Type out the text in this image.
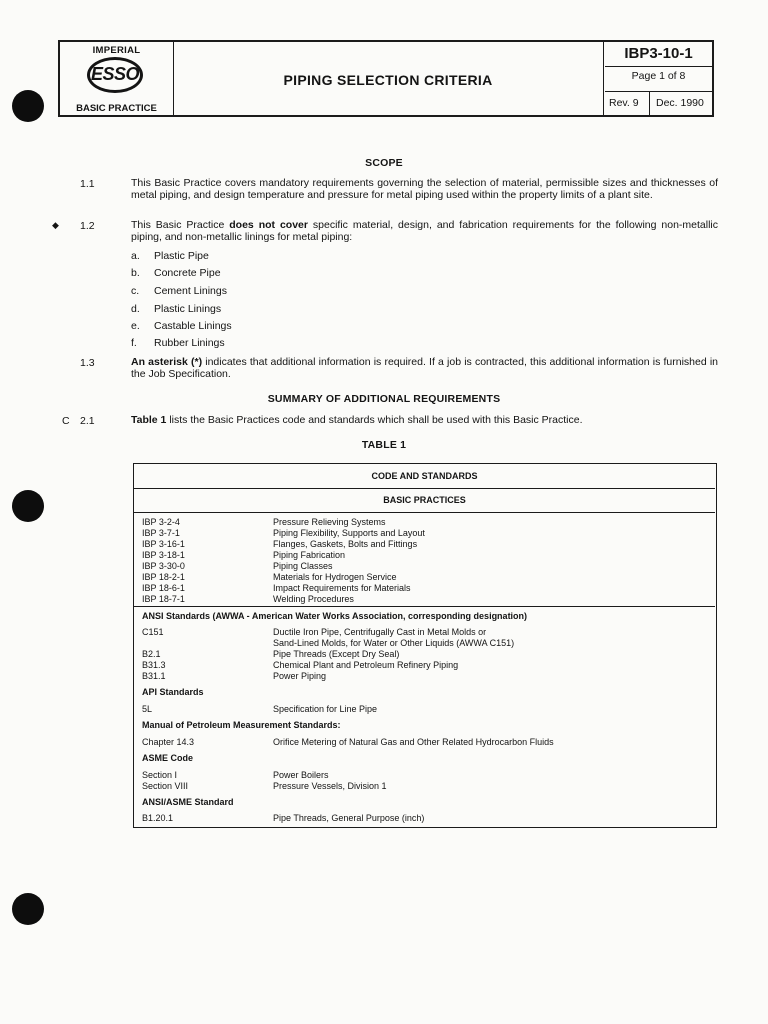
IMPERIAL
ESSO
BASIC PRACTICE
PIPING SELECTION CRITERIA
IBP3-10-1
Page 1 of 8
Rev. 9 Dec. 1990
SCOPE
1.1	This Basic Practice covers mandatory requirements governing the selection of material, permissible sizes and thicknesses of metal piping, and design temperature and pressure for metal piping used within the property limits of a plant site.
◆ 1.2	This Basic Practice does not cover specific material, design, and fabrication requirements for the following non-metallic piping, and non-metallic linings for metal piping:
a. Plastic Pipe
b. Concrete Pipe
c. Cement Linings
d. Plastic Linings
e. Castable Linings
f. Rubber Linings
1.3	An asterisk (*) indicates that additional information is required. If a job is contracted, this additional information is furnished in the Job Specification.
SUMMARY OF ADDITIONAL REQUIREMENTS
C 2.1	Table 1 lists the Basic Practices code and standards which shall be used with this Basic Practice.
TABLE 1
CODE AND STANDARDS
BASIC PRACTICES
IBP 3-2-4	Pressure Relieving Systems
IBP 3-7-1	Piping Flexibility, Supports and Layout
IBP 3-16-1	Flanges, Gaskets, Bolts and Fittings
IBP 3-18-1	Piping Fabrication
IBP 3-30-0	Piping Classes
IBP 18-2-1	Materials for Hydrogen Service
IBP 18-6-1	Impact Requirements for Materials
IBP 18-7-1	Welding Procedures
ANSI Standards (AWWA - American Water Works Association, corresponding designation)
C151	Ductile Iron Pipe, Centrifugally Cast in Metal Molds or
Sand-Lined Molds, for Water or Other Liquids (AWWA C151)
B2.1	Pipe Threads (Except Dry Seal)
B31.3	Chemical Plant and Petroleum Refinery Piping
B31.1	Power Piping
API Standards
5L	Specification for Line Pipe
Manual of Petroleum Measurement Standards:
Chapter 14.3	Orifice Metering of Natural Gas and Other Related Hydrocarbon Fluids
ASME Code
Section I	Power Boilers
Section VIII	Pressure Vessels, Division 1
ANSI/ASME Standard
B1.20.1	Pipe Threads, General Purpose (inch)
